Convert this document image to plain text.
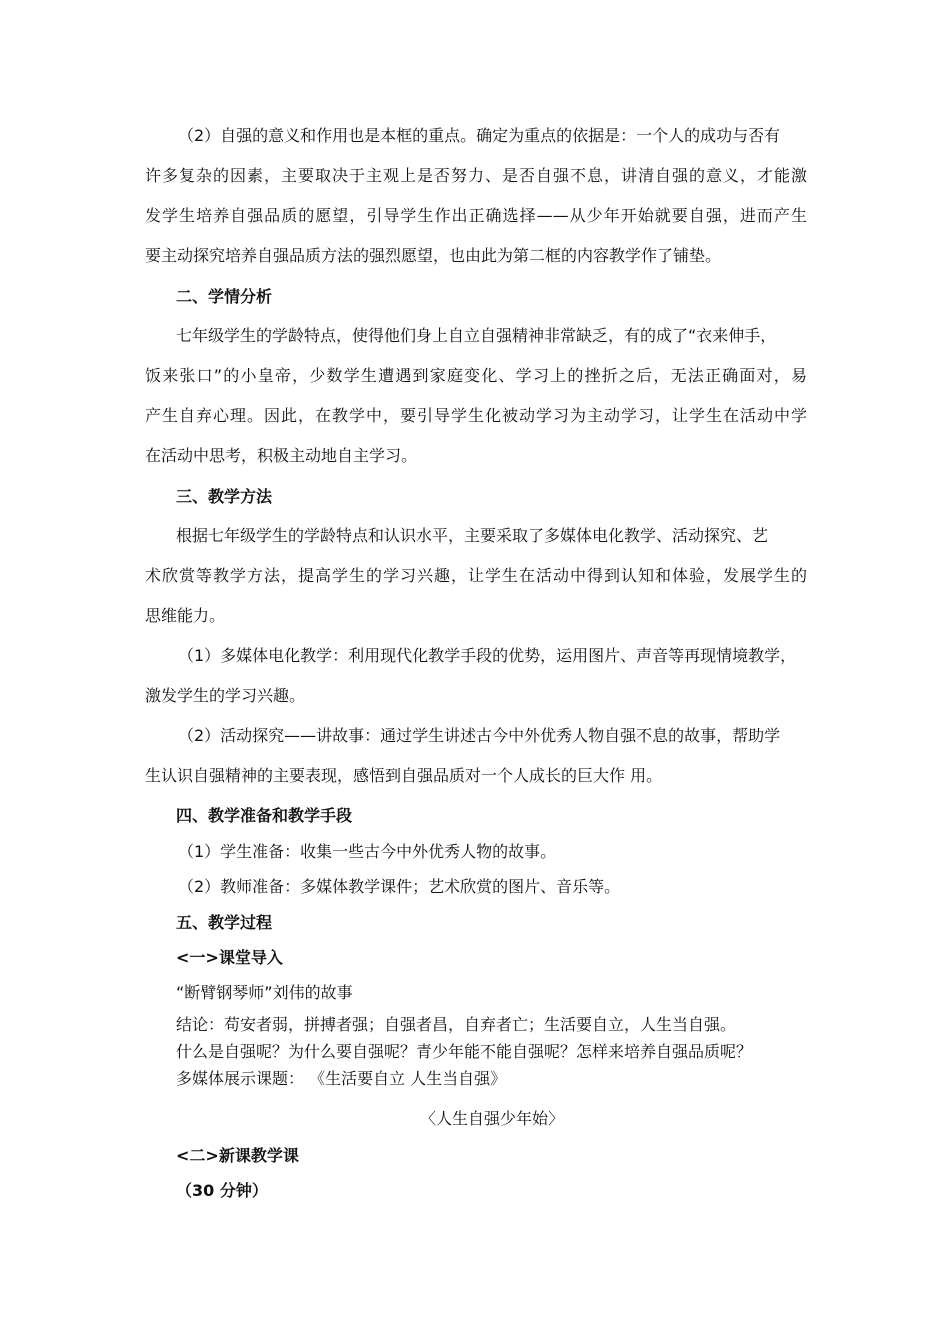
（2）自强的意义和作用也是本框的重点。确定为重点的依据是：一个人的成功与否有
许多复杂的因素，主要取决于主观上是否努力、是否自强不息，讲清自强的意义，才能激
发学生培养自强品质的愿望，引导学生作出正确选择——从少年开始就要自强，进而产生
要主动探究培养自强品质方法的强烈愿望，也由此为第二框的内容教学作了铺垫。
二、学情分析
七年级学生的学龄特点，使得他们身上自立自强精神非常缺乏，有的成了“衣来伸手，
饭来张口”的小皇帝，少数学生遭遇到家庭变化、学习上的挫折之后，无法正确面对，易
产生自弃心理。因此，在教学中，要引导学生化被动学习为主动学习，让学生在活动中学
在活动中思考，积极主动地自主学习。
三、教学方法
根据七年级学生的学龄特点和认识水平，主要采取了多媒体电化教学、活动探究、艺
术欣赏等教学方法，提高学生的学习兴趣，让学生在活动中得到认知和体验，发展学生的
思维能力。
（1）多媒体电化教学：利用现代化教学手段的优势，运用图片、声音等再现情境教学，
激发学生的学习兴趣。
（2）活动探究——讲故事：通过学生讲述古今中外优秀人物自强不息的故事，帮助学
生认识自强精神的主要表现，感悟到自强品质对一个人成长的巨大作 用。
四、教学准备和教学手段
（1）学生准备：收集一些古今中外优秀人物的故事。
（2）教师准备：多媒体教学课件；艺术欣赏的图片、音乐等。
五、教学过程
<一>课堂导入
“断臂钢琴师”刘伟的故事
结论：苟安者弱，拼搏者强；自强者昌，自弃者亡；生活要自立，人生当自强。
什么是自强呢？为什么要自强呢？青少年能不能自强呢？怎样来培养自强品质呢？
多媒体展示课题： 《生活要自立 人生当自强》
〈人生自强少年始〉
<二>新课教学课
（30 分钟）
